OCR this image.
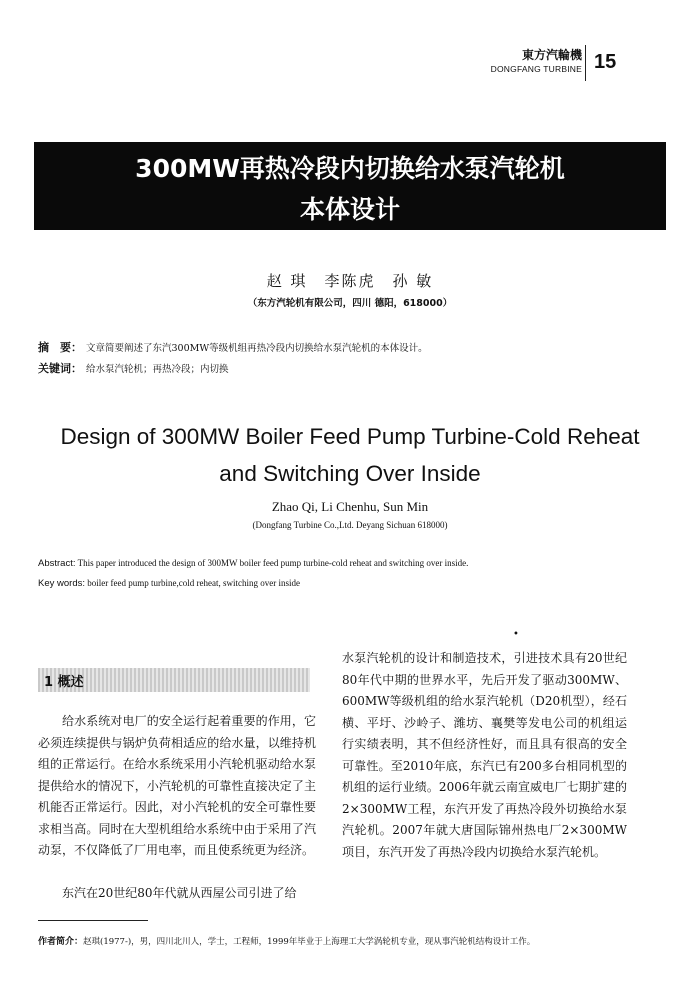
東方汽輪機
DONGFANG TURBINE 15
300MW再热冷段内切换给水泵汽轮机
本体设计
赵 琪　李陈虎　孙 敏
（东方汽轮机有限公司，四川 德阳，618000）
摘　要： 文章简要阐述了东汽300MW等级机组再热冷段内切换给水泵汽轮机的本体设计。
关键词： 给水泵汽轮机；再热冷段；内切换
Design of 300MW Boiler Feed Pump Turbine-Cold Reheat
and Switching Over Inside
Zhao Qi, Li Chenhu, Sun Min
(Dongfang Turbine Co.,Ltd. Deyang Sichuan 618000)
Abstract: This paper introduced the design of 300MW boiler feed pump turbine-cold reheat and switching over inside.
Key words: boiler feed pump turbine,cold reheat, switching over inside
•
1 概述
给水系统对电厂的安全运行起着重要的作用，它必须连续提供与锅炉负荷相适应的给水量，以维持机组的正常运行。在给水系统采用小汽轮机驱动给水泵提供给水的情况下，小汽轮机的可靠性直接决定了主机能否正常运行。因此，对小汽轮机的安全可靠性要求相当高。同时在大型机组给水系统中由于采用了汽动泵，不仅降低了厂用电率，而且使系统更为经济。
东汽在20世纪80年代就从西屋公司引进了给
水泵汽轮机的设计和制造技术，引进技术具有20世纪80年代中期的世界水平，先后开发了驱动300MW、600MW等级机组的给水泵汽轮机（D20机型），经石横、平圩、沙岭子、潍坊、襄樊等发电公司的机组运行实绩表明，其不但经济性好，而且具有很高的安全可靠性。至2010年底，东汽已有200多台相同机型的机组的运行业绩。2006年就云南宣威电厂七期扩建的2×300MW工程，东汽开发了再热冷段外切换给水泵汽轮机。2007年就大唐国际锦州热电厂2×300MW项目，东汽开发了再热冷段内切换给水泵汽轮机。
作者简介：赵琪(1977-)，男，四川北川人，学士，工程师，1999年毕业于上海理工大学涡轮机专业，现从事汽轮机结构设计工作。
